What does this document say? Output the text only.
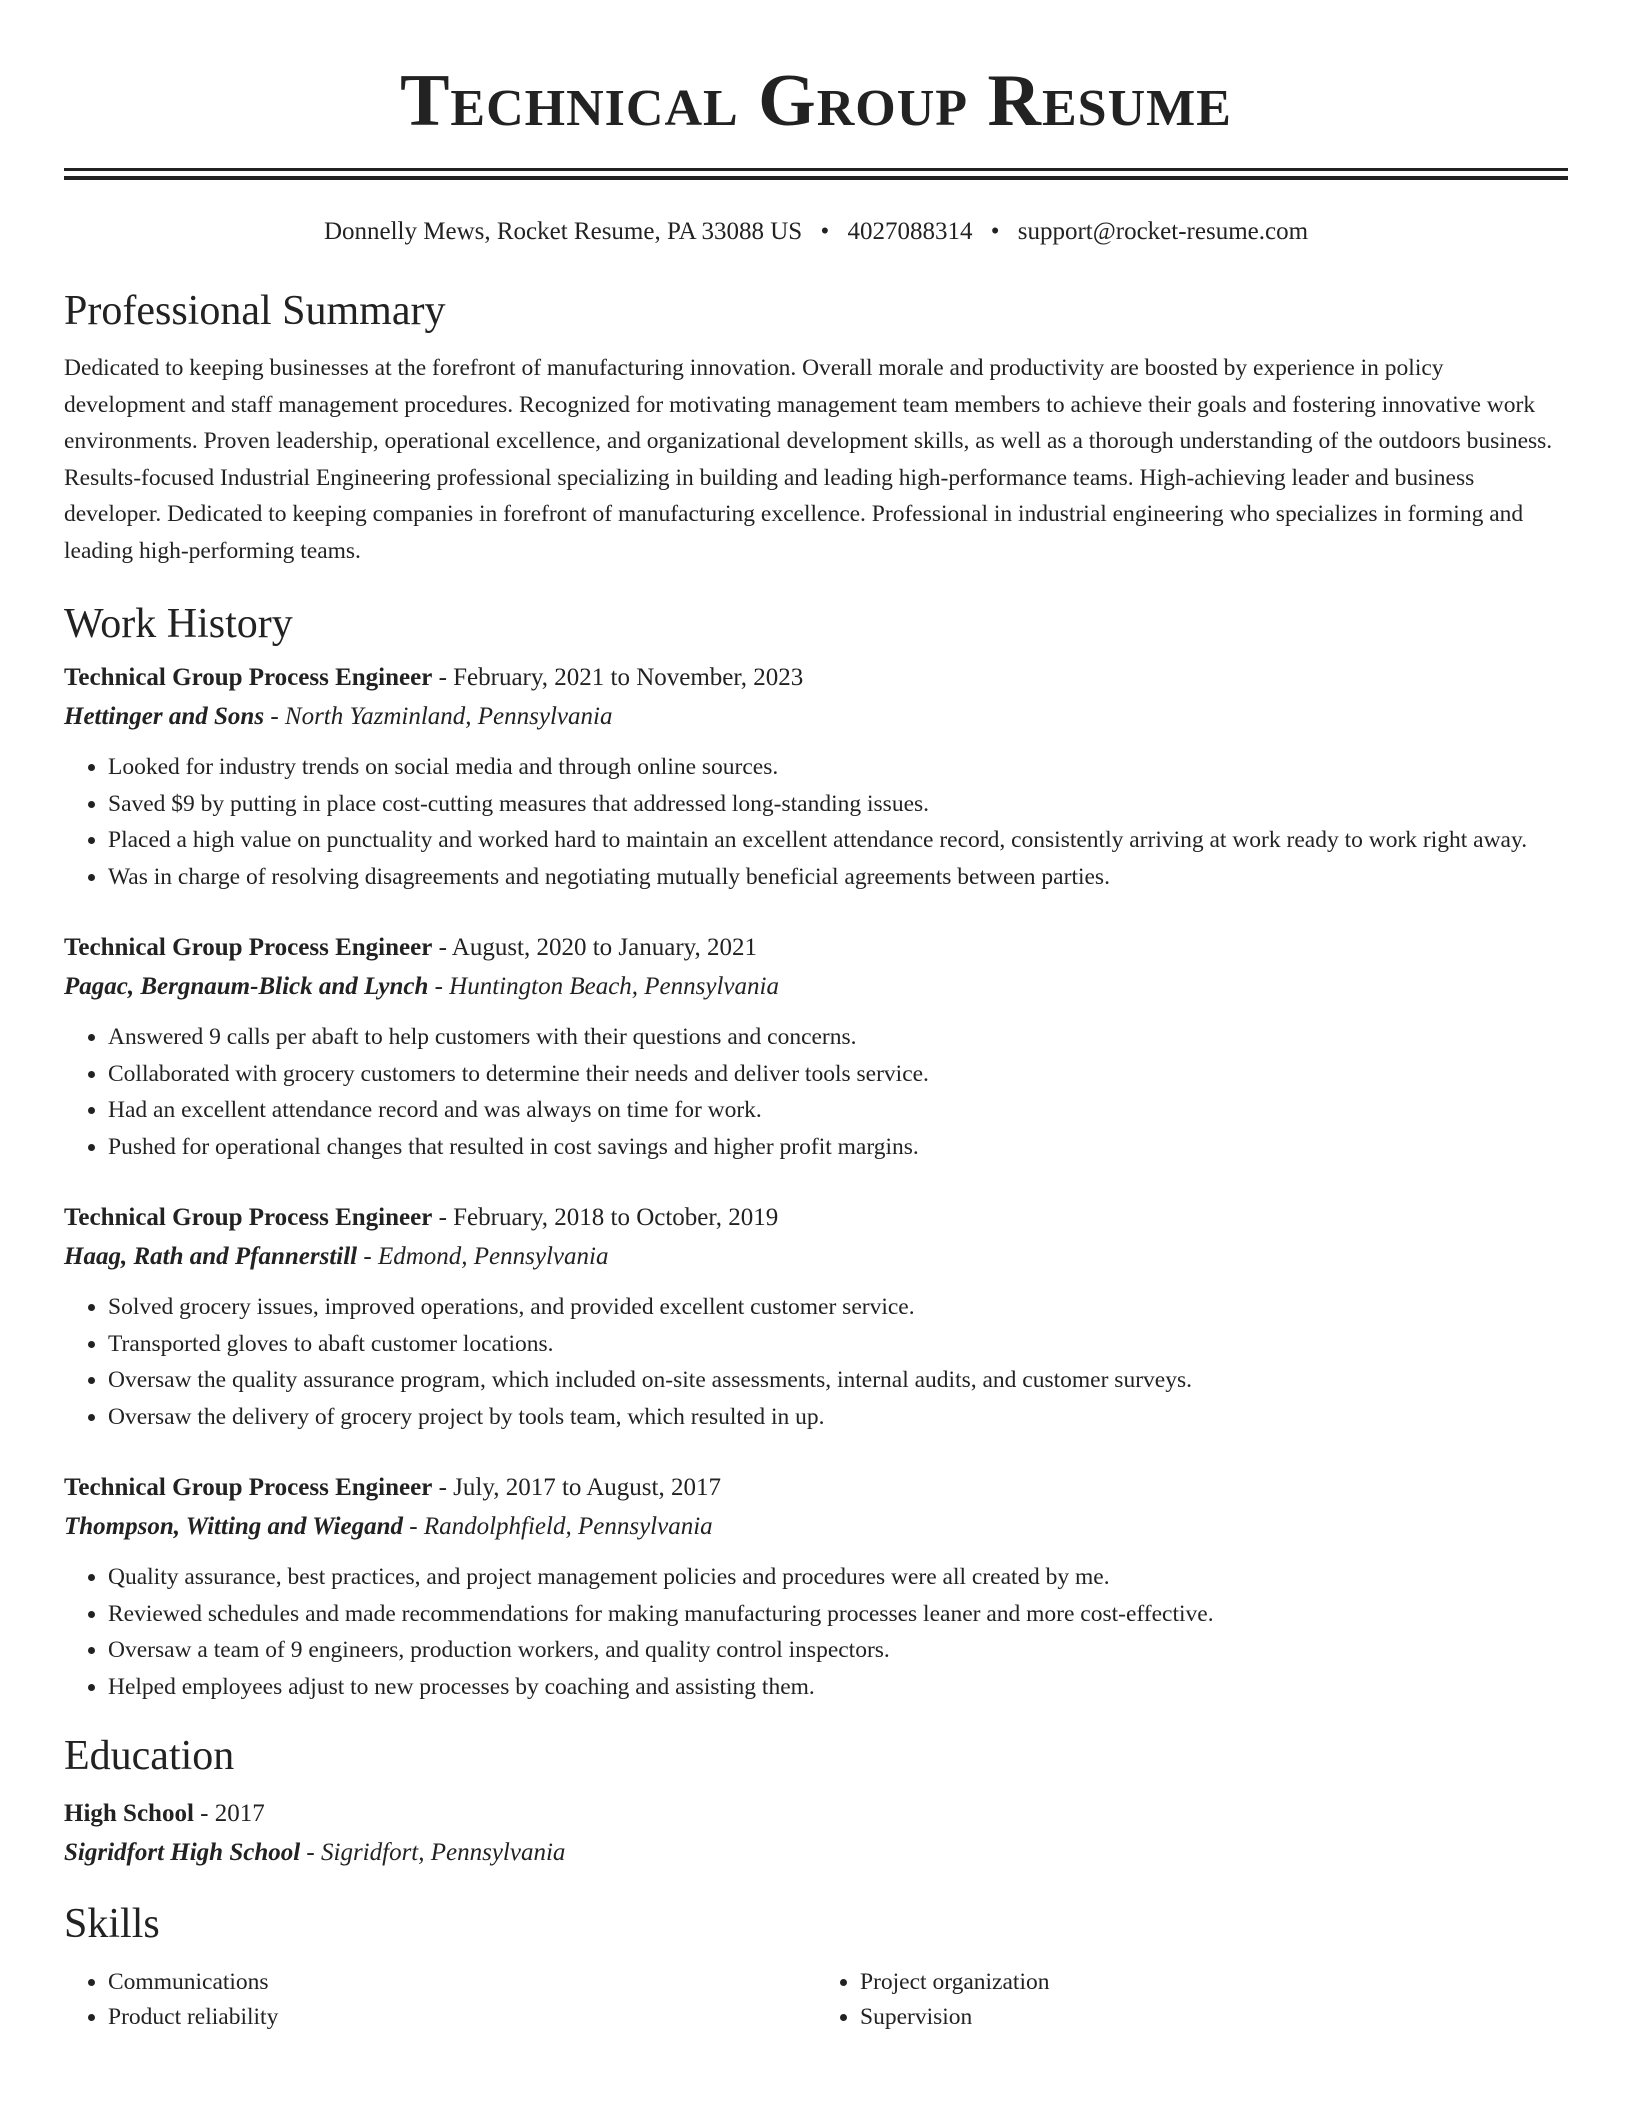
Technical Group Resume
Donnelly Mews, Rocket Resume, PA 33088 US • 4027088314 • support@rocket-resume.com
Professional Summary

Dedicated to keeping businesses at the forefront of manufacturing innovation. Overall morale and productivity are boosted by experience in policy development and staff management procedures. Recognized for motivating management team members to achieve their goals and fostering innovative work environments. Proven leadership, operational excellence, and organizational development skills, as well as a thorough understanding of the outdoors business. Results-focused Industrial Engineering professional specializing in building and leading high-performance teams. High-achieving leader and business developer. Dedicated to keeping companies in forefront of manufacturing excellence. Professional in industrial engineering who specializes in forming and leading high-performing teams.

Work History
Technical Group Process Engineer - February, 2021 to November, 2023
Hettinger and Sons - North Yazminland, Pennsylvania
• Looked for industry trends on social media and through online sources.
• Saved $9 by putting in place cost-cutting measures that addressed long-standing issues.
• Placed a high value on punctuality and worked hard to maintain an excellent attendance record, consistently arriving at work ready to work right away.
• Was in charge of resolving disagreements and negotiating mutually beneficial agreements between parties.
Technical Group Process Engineer - August, 2020 to January, 2021
Pagac, Bergnaum-Blick and Lynch - Huntington Beach, Pennsylvania
• Answered 9 calls per abaft to help customers with their questions and concerns.
• Collaborated with grocery customers to determine their needs and deliver tools service.
• Had an excellent attendance record and was always on time for work.
• Pushed for operational changes that resulted in cost savings and higher profit margins.
Technical Group Process Engineer - February, 2018 to October, 2019
Haag, Rath and Pfannerstill - Edmond, Pennsylvania
• Solved grocery issues, improved operations, and provided excellent customer service.
• Transported gloves to abaft customer locations.
• Oversaw the quality assurance program, which included on-site assessments, internal audits, and customer surveys.
• Oversaw the delivery of grocery project by tools team, which resulted in up.
Technical Group Process Engineer - July, 2017 to August, 2017
Thompson, Witting and Wiegand - Randolphfield, Pennsylvania
• Quality assurance, best practices, and project management policies and procedures were all created by me.
• Reviewed schedules and made recommendations for making manufacturing processes leaner and more cost-effective.
• Oversaw a team of 9 engineers, production workers, and quality control inspectors.
• Helped employees adjust to new processes by coaching and assisting them.
Education
High School - 2017
Sigridfort High School - Sigridfort, Pennsylvania
Skills
• Communications
• Product reliability
• Project organization
• Supervision
